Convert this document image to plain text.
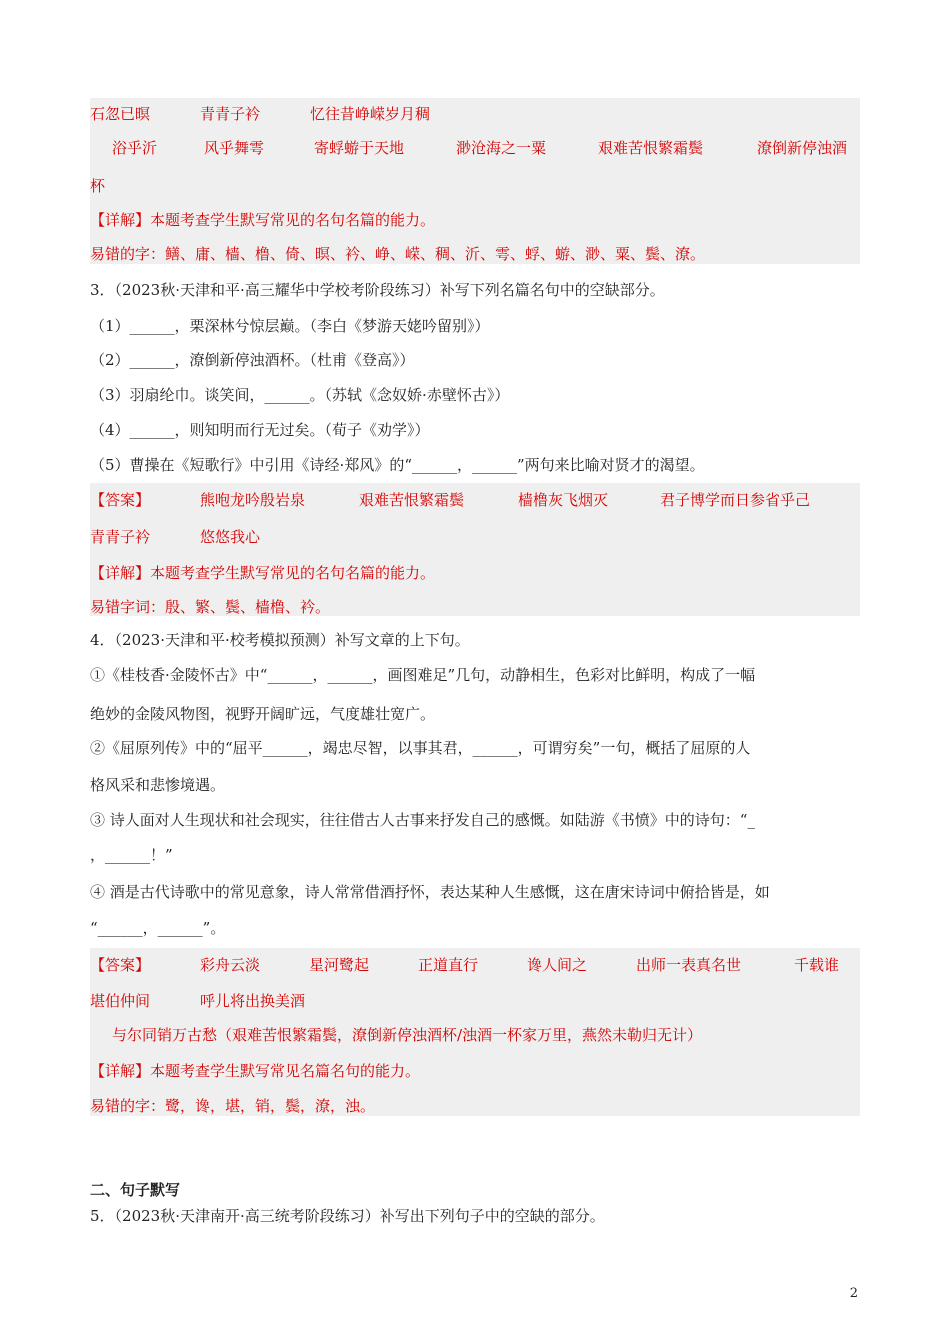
石忽已暝	青青子衿	忆往昔峥嵘岁月稠
浴乎沂	风乎舞雩	寄蜉蝣于天地	渺沧海之一粟	艰难苦恨繁霜鬓	潦倒新停浊酒
杯
【详解】本题考查学生默写常见的名句名篇的能力。
易错的字：鳝、庸、樯、橹、倚、暝、衿、峥、嵘、稠、沂、雩、蜉、蝣、渺、粟、鬓、潦。
3．（2023秋·天津和平·高三耀华中学校考阶段练习）补写下列名篇名句中的空缺部分。
（1）______，栗深林兮惊层巅。（李白《梦游天姥吟留别》）
（2）______，潦倒新停浊酒杯。（杜甫《登高》）
（3）羽扇纶巾。谈笑间，______。（苏轼《念奴娇·赤壁怀古》）
（4）______，则知明而行无过矣。（荀子《劝学》）
（5）曹操在《短歌行》中引用《诗经·郑风》的“______，______”两句来比喻对贤才的渴望。
【答案】	熊咆龙吟殷岩泉	艰难苦恨繁霜鬓	樯橹灰飞烟灭	君子博学而日参省乎己
青青子衿	悠悠我心
【详解】本题考查学生默写常见的名句名篇的能力。
易错字词：殷、繁、鬓、樯橹、衿。
4．（2023·天津和平·校考模拟预测）补写文章的上下句。
①《桂枝香·金陵怀古》中“______，______，画图难足”几句，动静相生，色彩对比鲜明，构成了一幅
绝妙的金陵风物图，视野开阔旷远，气度雄壮宽广。
②《屈原列传》中的“屈平______，竭忠尽智，以事其君，______，可谓穷矣”一句，概括了屈原的人
格风采和悲惨境遇。
③ 诗人面对人生现状和社会现实，往往借古人古事来抒发自己的感慨。如陆游《书愤》中的诗句：“_
，______！”
④ 酒是古代诗歌中的常见意象，诗人常常借酒抒怀，表达某种人生感慨，这在唐宋诗词中俯拾皆是，如
“______，______”。
【答案】	彩舟云淡	星河鹭起	正道直行	谗人间之	出师一表真名世	千载谁
堪伯仲间	呼儿将出换美酒
与尔同销万古愁（艰难苦恨繁霜鬓，潦倒新停浊酒杯/浊酒一杯家万里，燕然未勒归无计）
【详解】本题考查学生默写常见名篇名句的能力。
易错的字：鹭，谗，堪，销，鬓，潦，浊。
二、句子默写
5．（2023秋·天津南开·高三统考阶段练习）补写出下列句子中的空缺的部分。
2
